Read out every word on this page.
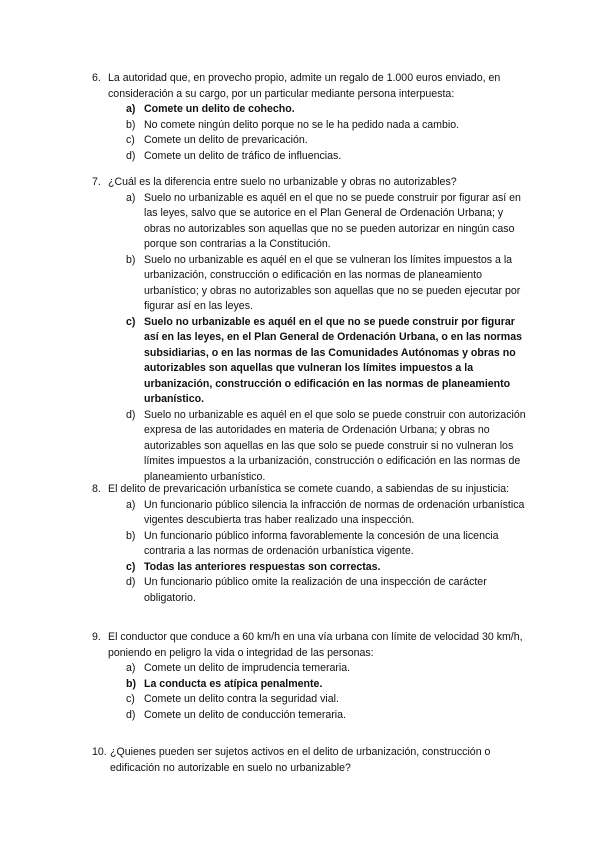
6. La autoridad que, en provecho propio, admite un regalo de 1.000 euros enviado, en consideración a su cargo, por un particular mediante persona interpuesta:
a) Comete un delito de cohecho.
b) No comete ningún delito porque no se le ha pedido nada a cambio.
c) Comete un delito de prevaricación.
d) Comete un delito de tráfico de influencias.
7. ¿Cuál es la diferencia entre suelo no urbanizable y obras no autorizables?
a) Suelo no urbanizable es aquél en el que no se puede construir por figurar así en las leyes, salvo que se autorice en el Plan General de Ordenación Urbana; y obras no autorizables son aquellas que no se pueden autorizar en ningún caso porque son contrarias a la Constitución.
b) Suelo no urbanizable es aquél en el que se vulneran los límites impuestos a la urbanización, construcción o edificación en las normas de planeamiento urbanístico; y obras no autorizables son aquellas que no se pueden ejecutar por figurar así en las leyes.
c) Suelo no urbanizable es aquél en el que no se puede construir por figurar así en las leyes, en el Plan General de Ordenación Urbana, o en las normas subsidiarias, o en las normas de las Comunidades Autónomas y obras no autorizables son aquellas que vulneran los límites impuestos a la urbanización, construcción o edificación en las normas de planeamiento urbanístico.
d) Suelo no urbanizable es aquél en el que solo se puede construir con autorización expresa de las autoridades en materia de Ordenación Urbana; y obras no autorizables son aquellas en las que solo se puede construir si no vulneran los límites impuestos a la urbanización, construcción o edificación en las normas de planeamiento urbanístico.
8. El delito de prevaricación urbanística se comete cuando, a sabiendas de su injusticia:
a) Un funcionario público silencia la infracción de normas de ordenación urbanística vigentes descubierta tras haber realizado una inspección.
b) Un funcionario público informa favorablemente la concesión de una licencia contraria a las normas de ordenación urbanística vigente.
c) Todas las anteriores respuestas son correctas.
d) Un funcionario público omite la realización de una inspección de carácter obligatorio.
9. El conductor que conduce a 60 km/h en una vía urbana con límite de velocidad 30 km/h, poniendo en peligro la vida o integridad de las personas:
a) Comete un delito de imprudencia temeraria.
b) La conducta es atípica penalmente.
c) Comete un delito contra la seguridad vial.
d) Comete un delito de conducción temeraria.
10. ¿Quienes pueden ser sujetos activos en el delito de urbanización, construcción o edificación no autorizable en suelo no urbanizable?
